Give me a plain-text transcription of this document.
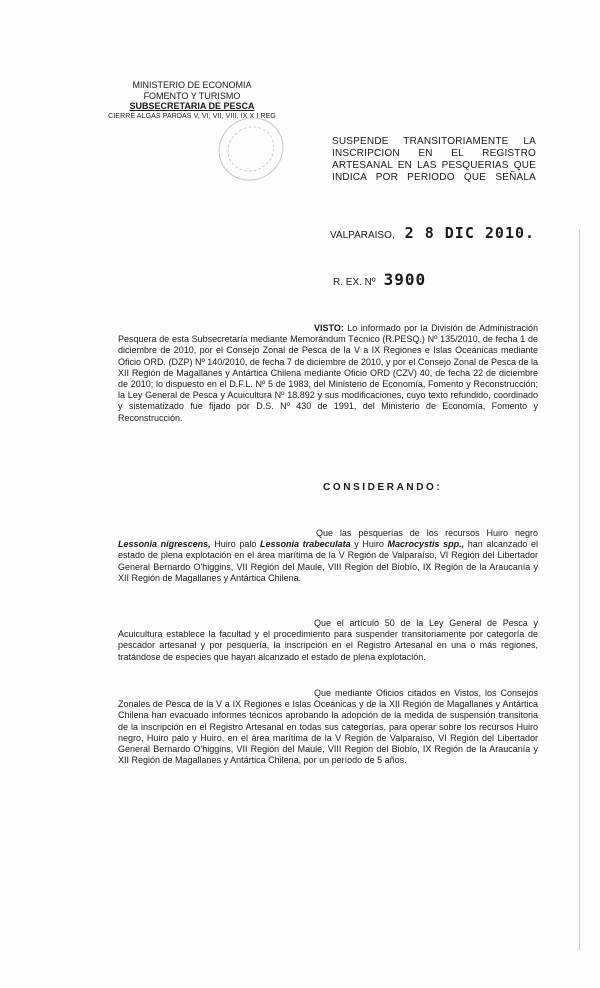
MINISTERIO DE ECONOMIA
FOMENTO Y TURISMO
SUBSECRETARIA DE PESCA
CIERRE ALGAS PARDAS V, VI, VII, VIII, IX X I REG
SUSPENDE TRANSITORIAMENTE LA INSCRIPCION EN EL REGISTRO ARTESANAL EN LAS PESQUERIAS QUE INDICA POR PERIODO QUE SEÑALA
VALPARAISO, 2 8 DIC 2010.
R. EX. Nº 3900
VISTO: Lo informado por la División de Administración Pesquera de esta Subsecretaría mediante Memorándum Técnico (R.PESQ.) Nº 135/2010, de fecha 1 de diciembre de 2010, por el Consejo Zonal de Pesca de la V a IX Regiones e Islas Oceánicas mediante Oficio ORD. (DZP) Nº 140/2010, de fecha 7 de diciembre de 2010, y por el Consejo Zonal de Pesca de la XII Región de Magallanes y Antártica Chilena mediante Oficio ORD (CZV) 40, de fecha 22 de diciembre de 2010; lo dispuesto en el D.F.L. Nº 5 de 1983, del Ministerio de Economía, Fomento y Reconstrucción; la Ley General de Pesca y Acuicultura Nº 18.892 y sus modificaciones, cuyo texto refundido, coordinado y sistematizado fue fijado por D.S. Nº 430 de 1991, del Ministerio de Economía, Fomento y Reconstrucción.
CONSIDERANDO:
Que las pesquerías de los recursos Huiro negro Lessonia nigrescens, Huiro palo Lessonia trabeculata y Huiro Macrocystis spp., han alcanzado el estado de plena explotación en el área marítima de la V Región de Valparaíso, VI Región del Libertador General Bernardo O'higgins, VII Región del Maule, VIII Región del Biobío, IX Región de la Araucanía y XII Región de Magallanes y Antártica Chilena.
Que el artículo 50 de la Ley General de Pesca y Acuicultura establece la facultad y el procedimiento para suspender transitoriamente por categoría de pescador artesanal y por pesquería, la inscripción en el Registro Artesanal en una o más regiones, tratándose de especies que hayan alcanzado el estado de plena explotación.
Que mediante Oficios citados en Vistos, los Consejos Zonales de Pesca de la V a IX Regiones e Islas Oceánicas y de la XII Región de Magallanes y Antártica Chilena han evacuado informes técnicos aprobando la adopción de la medida de suspensión transitoria de la inscripción en el Registro Artesanal en todas sus categorías, para operar sobre los recursos Huiro negro, Huiro palo y Huiro, en el área marítima de la V Región de Valparaíso, VI Región del Libertador General Bernardo O'higgins, VII Región del Maule, VIII Región del Biobío, IX Región de la Araucanía y XII Región de Magallanes y Antártica Chilena, por un período de 5 años.
